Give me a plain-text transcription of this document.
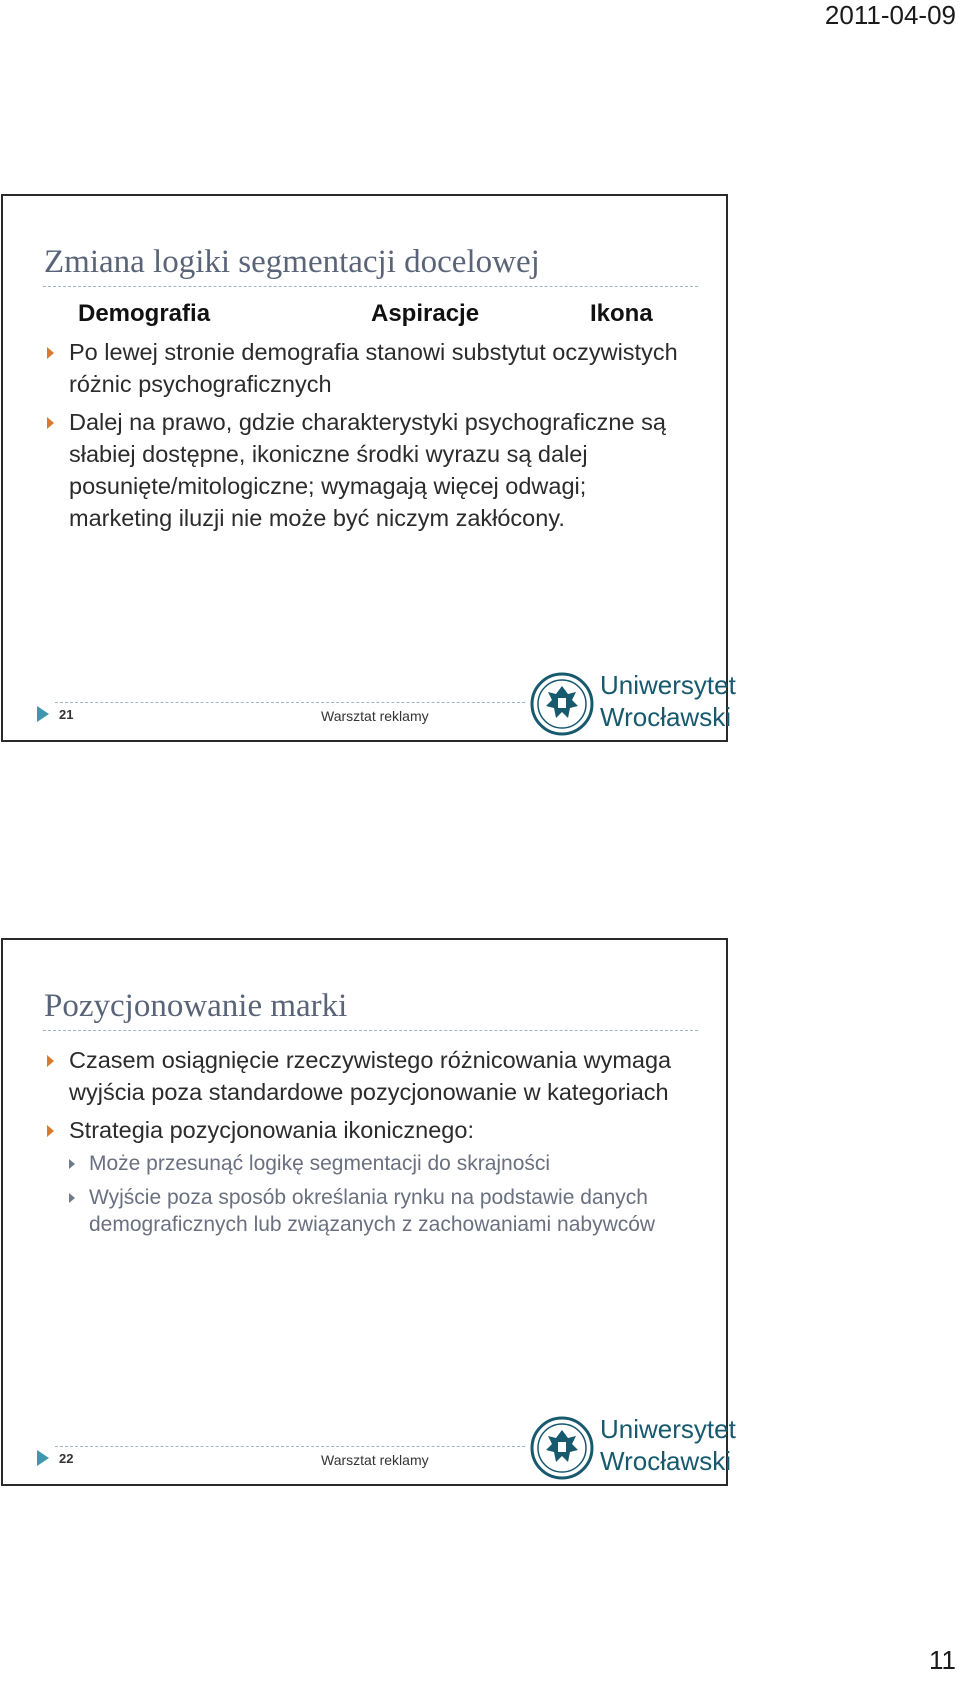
2011-04-09
Zmiana logiki segmentacji docelowej
Demografia	Aspiracje	Ikona
Po lewej stronie demografia stanowi substytut oczywistych różnic psychograficznych
Dalej na prawo, gdzie charakterystyki psychograficzne są słabiej dostępne, ikoniczne środki wyrazu są dalej posunięte/mitologiczne; wymagają więcej odwagi; marketing iluzji nie może być niczym zakłócony.
21	Warsztat reklamy
Uniwersytet
Wrocławski
Pozycjonowanie marki
Czasem osiągnięcie rzeczywistego różnicowania wymaga wyjścia poza standardowe pozycjonowanie w kategoriach
Strategia pozycjonowania ikonicznego:
Może przesunąć logikę segmentacji do skrajności
Wyjście poza sposób określania rynku na podstawie danych demograficznych lub związanych z zachowaniami nabywców
22	Warsztat reklamy
Uniwersytet
Wrocławski
11
